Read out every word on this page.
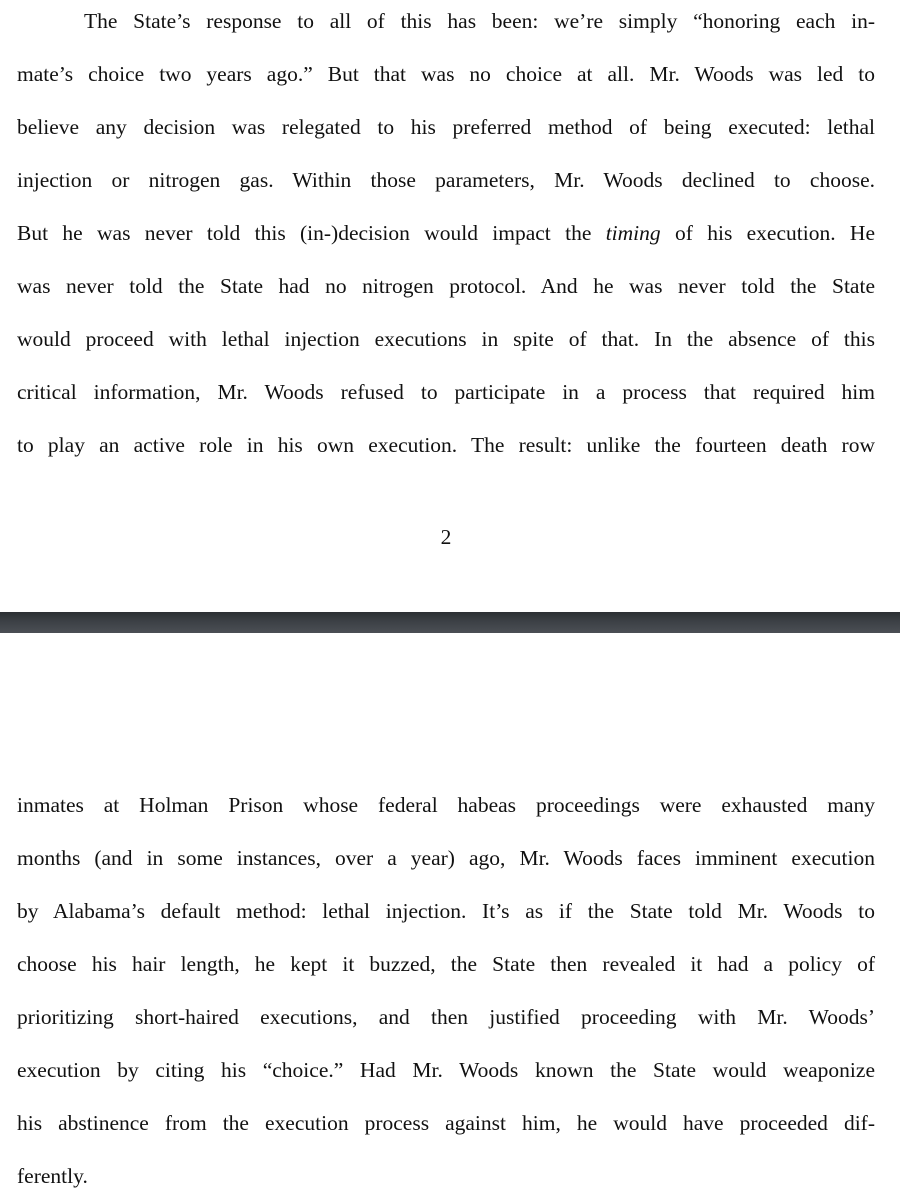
The State’s response to all of this has been: we’re simply “honoring each in-
mate’s choice two years ago.” But that was no choice at all. Mr. Woods was led to
believe any decision was relegated to his preferred method of being executed: lethal
injection or nitrogen gas. Within those parameters, Mr. Woods declined to choose.
But he was never told this (in-)decision would impact the timing of his execution. He
was never told the State had no nitrogen protocol. And he was never told the State
would proceed with lethal injection executions in spite of that. In the absence of this
critical information, Mr. Woods refused to participate in a process that required him
to play an active role in his own execution. The result: unlike the fourteen death row
2
inmates at Holman Prison whose federal habeas proceedings were exhausted many
months (and in some instances, over a year) ago, Mr. Woods faces imminent execution
by Alabama’s default method: lethal injection. It’s as if the State told Mr. Woods to
choose his hair length, he kept it buzzed, the State then revealed it had a policy of
prioritizing short-haired executions, and then justified proceeding with Mr. Woods’
execution by citing his “choice.” Had Mr. Woods known the State would weaponize
his abstinence from the execution process against him, he would have proceeded dif-
ferently.
